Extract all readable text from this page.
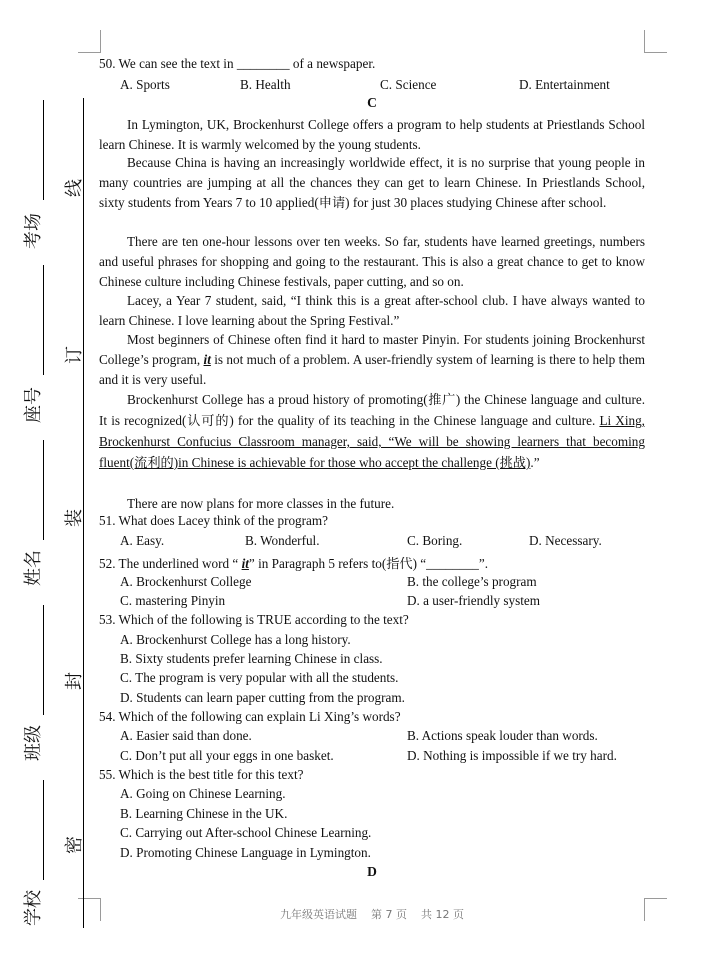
考场
座号
姓名
班级
学校
线
订
装
封
密
50. We can see the text in ________ of a newspaper.
A. Sports	B. Health	C. Science	D. Entertainment
C
In Lymington, UK, Brockenhurst College offers a program to help students at Priestlands School learn Chinese. It is warmly welcomed by the young students.
Because China is having an increasingly worldwide effect, it is no surprise that young people in many countries are jumping at all the chances they can get to learn Chinese. In Priestlands School, sixty students from Years 7 to 10 applied(申请) for just 30 places studying Chinese after school.
There are ten one-hour lessons over ten weeks. So far, students have learned greetings, numbers and useful phrases for shopping and going to the restaurant. This is also a great chance to get to know Chinese culture including Chinese festivals, paper cutting, and so on.
Lacey, a Year 7 student, said, “I think this is a great after-school club. I have always wanted to learn Chinese. I love learning about the Spring Festival.”
Most beginners of Chinese often find it hard to master Pinyin. For students joining Brockenhurst College’s program, it is not much of a problem. A user-friendly system of learning is there to help them and it is very useful.
Brockenhurst College has a proud history of promoting(推广) the Chinese language and culture. It is recognized(认可的) for the quality of its teaching in the Chinese language and culture. Li Xing, Brockenhurst Confucius Classroom manager, said, “We will be showing learners that becoming fluent(流利的)in Chinese is achievable for those who accept the challenge (挑战).”
There are now plans for more classes in the future.
51. What does Lacey think of the program?
A. Easy.	B. Wonderful.	C. Boring.	D. Necessary.
52. The underlined word “ it” in Paragraph 5 refers to(指代) “________”.
A. Brockenhurst College	B. the college’s program
C. mastering Pinyin	D. a user-friendly system
53. Which of the following is TRUE according to the text?
A. Brockenhurst College has a long history.
B. Sixty students prefer learning Chinese in class.
C. The program is very popular with all the students.
D. Students can learn paper cutting from the program.
54. Which of the following can explain Li Xing’s words?
A. Easier said than done.	B. Actions speak louder than words.
C. Don’t put all your eggs in one basket.	D. Nothing is impossible if we try hard.
55. Which is the best title for this text?
A. Going on Chinese Learning.
B. Learning Chinese in the UK.
C. Carrying out After-school Chinese Learning.
D. Promoting Chinese Language in Lymington.
D
九年级英语试题    第 7 页    共 12 页
